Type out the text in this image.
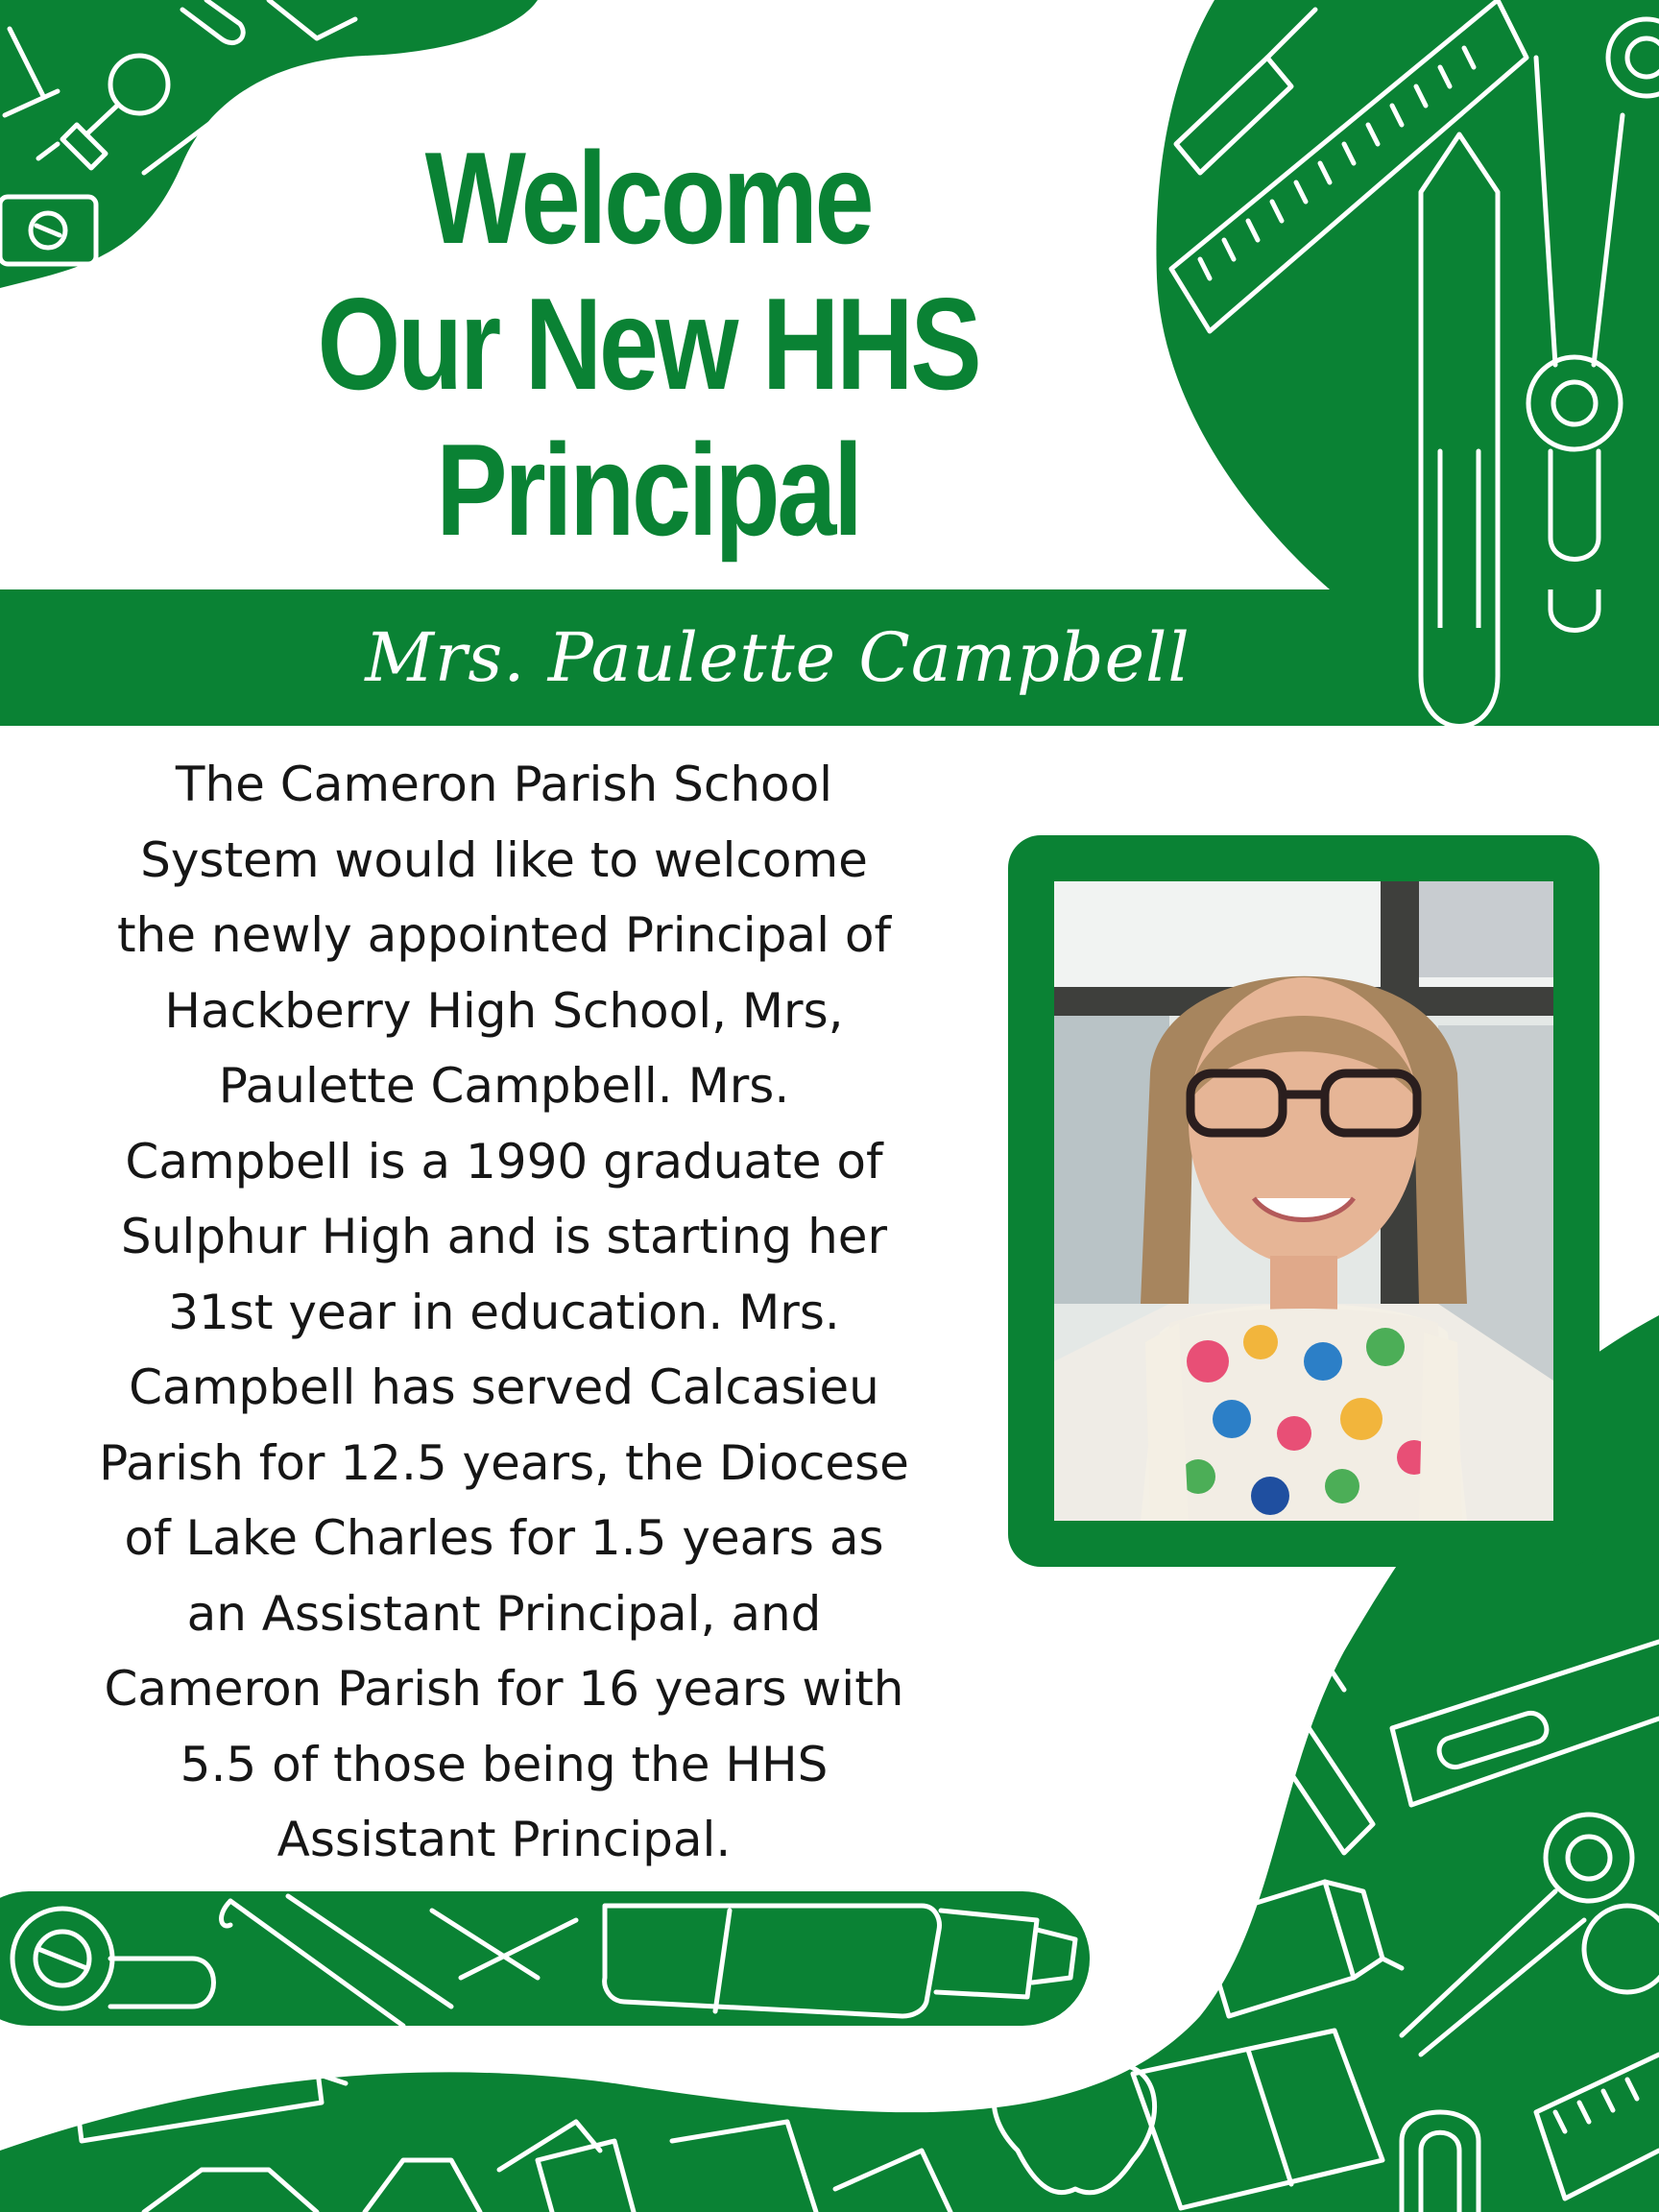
Welcome
Our New HHS
Principal
Mrs. Paulette Campbell
The Cameron Parish School
System would like to welcome
the newly appointed Principal of
Hackberry High School, Mrs,
Paulette Campbell. Mrs.
Campbell is a 1990 graduate of
Sulphur High and is starting her
31st year in education. Mrs.
Campbell has served Calcasieu
Parish for 12.5 years, the Diocese
of Lake Charles for 1.5 years as
an Assistant Principal, and
Cameron Parish for 16 years with
5.5 of those being the HHS
Assistant Principal.
